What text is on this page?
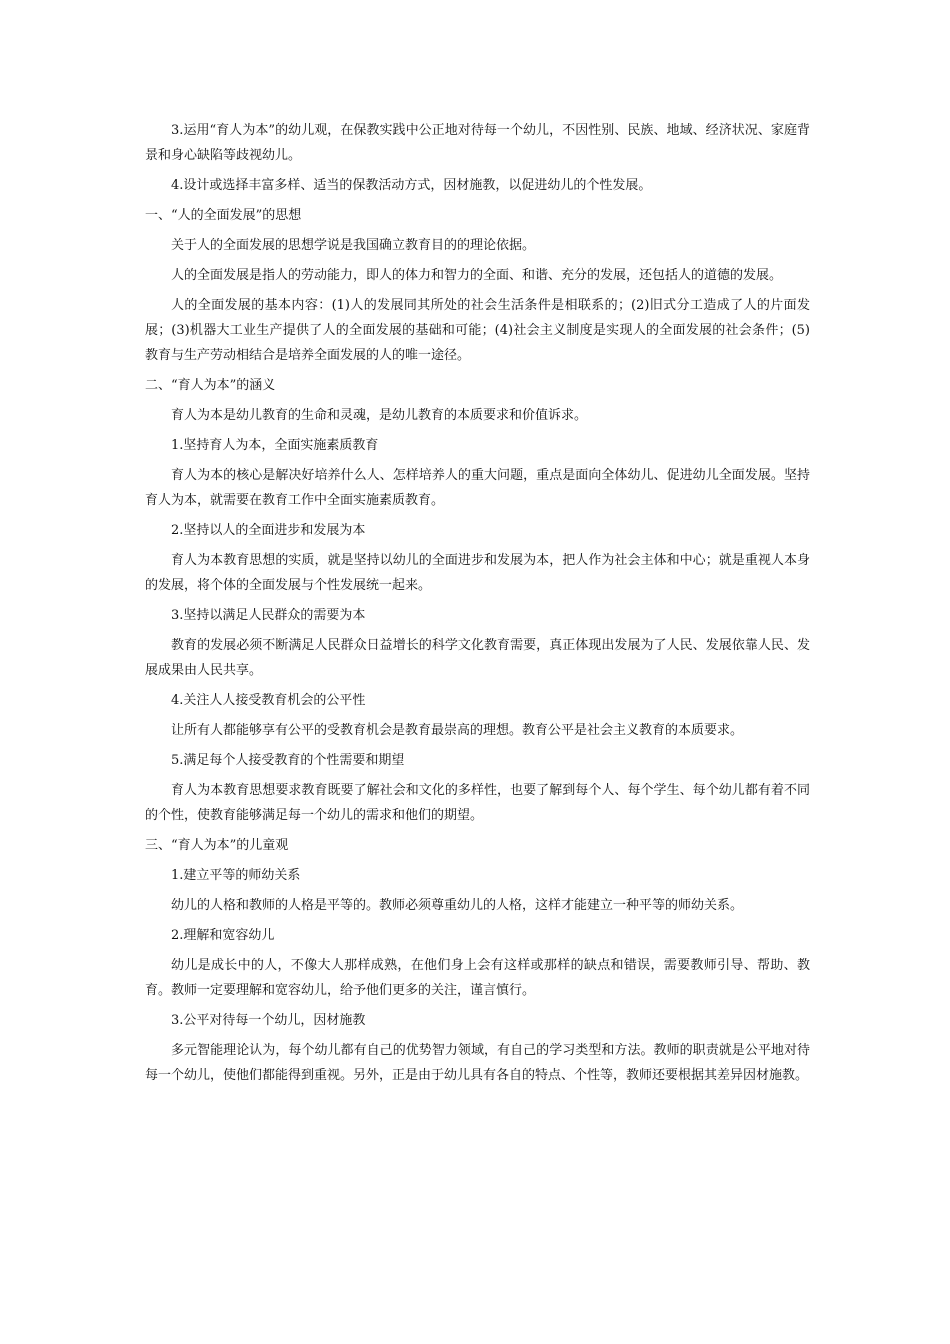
3.运用“育人为本”的幼儿观，在保教实践中公正地对待每一个幼儿，不因性别、民族、地域、经济状况、家庭背景和身心缺陷等歧视幼儿。

4.设计或选择丰富多样、适当的保教活动方式，因材施教，以促进幼儿的个性发展。

一、“人的全面发展”的思想

关于人的全面发展的思想学说是我国确立教育目的的理论依据。

人的全面发展是指人的劳动能力，即人的体力和智力的全面、和谐、充分的发展，还包括人的道德的发展。

人的全面发展的基本内容：(1)人的发展同其所处的社会生活条件是相联系的；(2)旧式分工造成了人的片面发展；(3)机器大工业生产提供了人的全面发展的基础和可能；(4)社会主义制度是实现人的全面发展的社会条件；(5)教育与生产劳动相结合是培养全面发展的人的唯一途径。

二、“育人为本”的涵义

育人为本是幼儿教育的生命和灵魂，是幼儿教育的本质要求和价值诉求。

1.坚持育人为本，全面实施素质教育

育人为本的核心是解决好培养什么人、怎样培养人的重大问题，重点是面向全体幼儿、促进幼儿全面发展。坚持育人为本，就需要在教育工作中全面实施素质教育。

2.坚持以人的全面进步和发展为本

育人为本教育思想的实质，就是坚持以幼儿的全面进步和发展为本，把人作为社会主体和中心；就是重视人本身的发展，将个体的全面发展与个性发展统一起来。

3.坚持以满足人民群众的需要为本

教育的发展必须不断满足人民群众日益增长的科学文化教育需要，真正体现出发展为了人民、发展依靠人民、发展成果由人民共享。

4.关注人人接受教育机会的公平性

让所有人都能够享有公平的受教育机会是教育最崇高的理想。教育公平是社会主义教育的本质要求。

5.满足每个人接受教育的个性需要和期望

育人为本教育思想要求教育既要了解社会和文化的多样性，也要了解到每个人、每个学生、每个幼儿都有着不同的个性，使教育能够满足每一个幼儿的需求和他们的期望。

三、“育人为本”的儿童观

1.建立平等的师幼关系

幼儿的人格和教师的人格是平等的。教师必须尊重幼儿的人格，这样才能建立一种平等的师幼关系。

2.理解和宽容幼儿

幼儿是成长中的人，不像大人那样成熟，在他们身上会有这样或那样的缺点和错误，需要教师引导、帮助、教育。教师一定要理解和宽容幼儿，给予他们更多的关注，谨言慎行。

3.公平对待每一个幼儿，因材施教

多元智能理论认为，每个幼儿都有自己的优势智力领域，有自己的学习类型和方法。教师的职责就是公平地对待每一个幼儿，使他们都能得到重视。另外，正是由于幼儿具有各自的特点、个性等，教师还要根据其差异因材施教。
